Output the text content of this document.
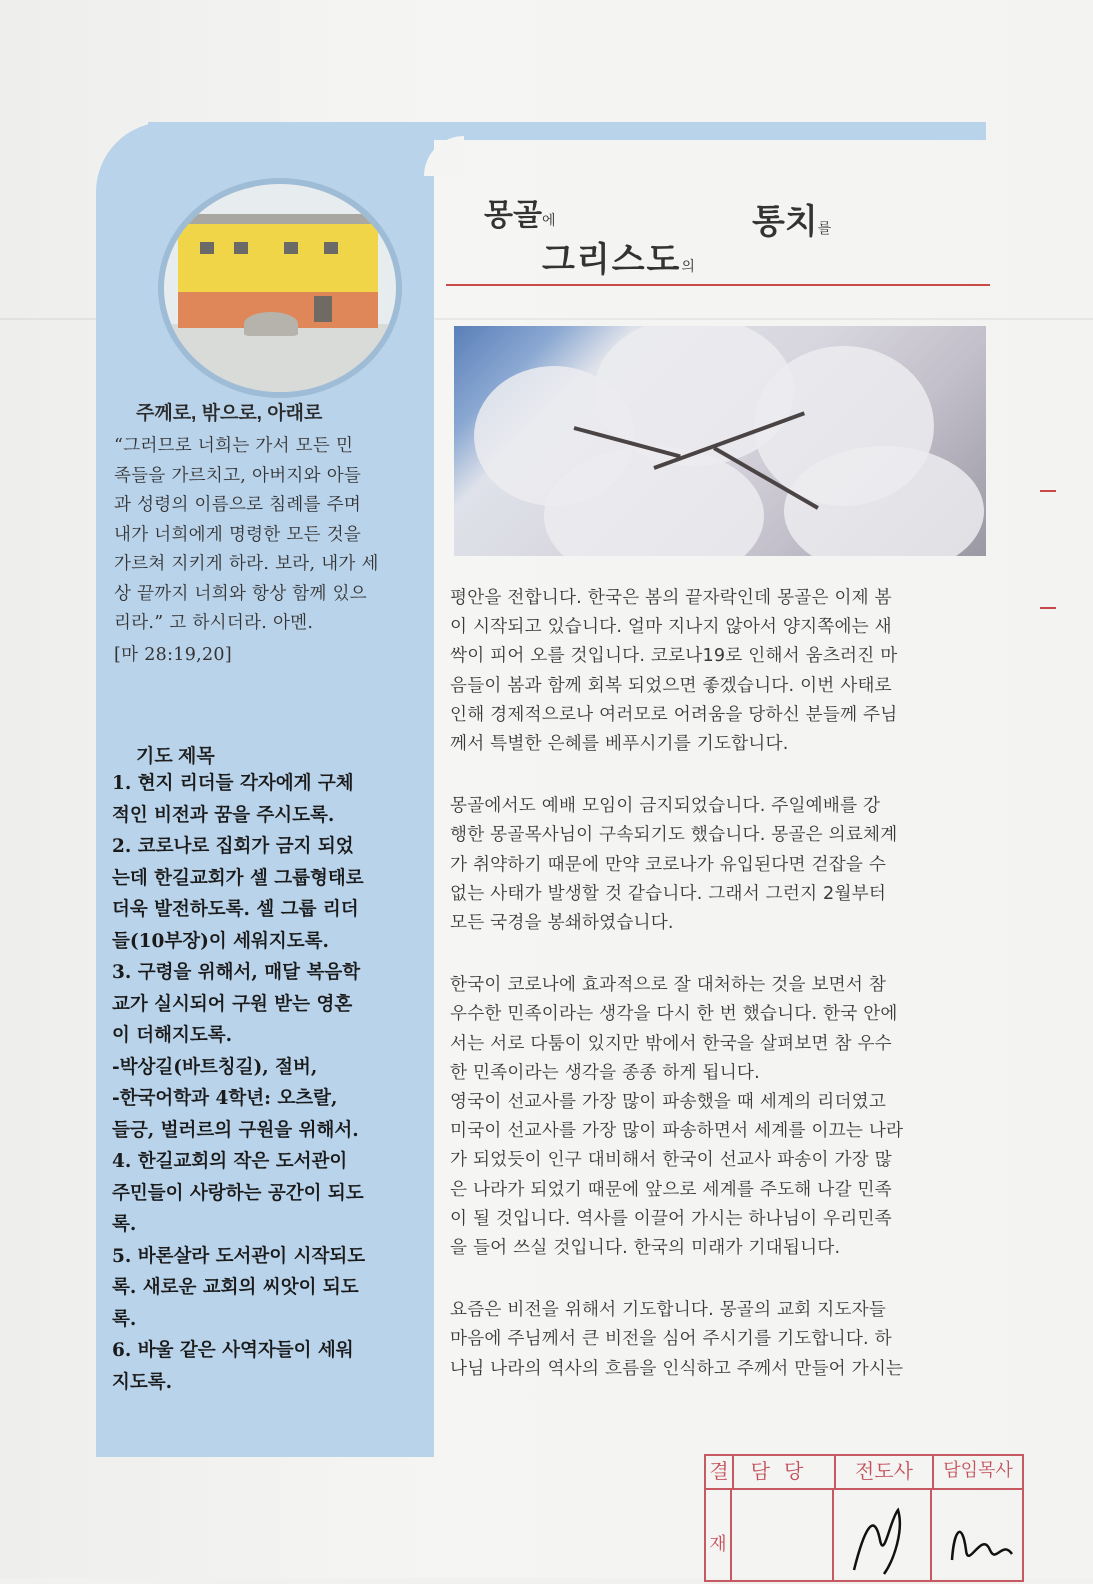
주께로, 밖으로, 아래로

“그러므로 너희는 가서 모든 민

족들을 가르치고, 아버지와 아들

과 성령의 이름으로 침례를 주며

내가 너희에게 명령한 모든 것을

가르쳐 지키게 하라. 보라, 내가 세

상 끝까지 너희와 항상 함께 있으

리라.” 고 하시더라. 아멘.

[마 28:19,20]

기도 제목
1. 현지 리더들 각자에게 구체
적인 비전과 꿈을 주시도록.
2. 코로나로 집회가 금지 되었
는데 한길교회가 셀 그룹형태로
더욱 발전하도록. 셀 그룹 리더
들(10부장)이 세워지도록.
3. 구령을 위해서, 매달 복음학
교가 실시되어 구원 받는 영혼
이 더해지도록.
-박상길(바트칭길), 절버,
-한국어학과 4학년: 오츠랄,
들긍, 벌러르의 구원을 위해서.
4. 한길교회의 작은 도서관이
주민들이 사랑하는 공간이 되도
록.
5. 바론살라 도서관이 시작되도
록. 새로운 교회의 씨앗이 되도
록.
6. 바울 같은 사역자들이 세워
지도록.
몽골에
그리스도의
통치를

평안을 전합니다. 한국은 봄의 끝자락인데 몽골은 이제 봄

이 시작되고 있습니다. 얼마 지나지 않아서 양지쪽에는 새

싹이 피어 오를 것입니다. 코로나19로 인해서 움츠러진 마

음들이 봄과 함께 회복 되었으면 좋겠습니다. 이번 사태로

인해 경제적으로나 여러모로 어려움을 당하신 분들께 주님

께서 특별한 은혜를 베푸시기를 기도합니다.

몽골에서도 예배 모임이 금지되었습니다. 주일예배를 강

행한 몽골목사님이 구속되기도 했습니다. 몽골은 의료체계

가 취약하기 때문에 만약 코로나가 유입된다면 걷잡을 수

없는 사태가 발생할 것 같습니다. 그래서 그런지 2월부터

모든 국경을 봉쇄하였습니다.

한국이 코로나에 효과적으로 잘 대처하는 것을 보면서 참

우수한 민족이라는 생각을 다시 한 번 했습니다. 한국 안에

서는 서로 다툼이 있지만 밖에서 한국을 살펴보면 참 우수

한 민족이라는 생각을 종종 하게 됩니다.

영국이 선교사를 가장 많이 파송했을 때 세계의 리더였고

미국이 선교사를 가장 많이 파송하면서 세계를 이끄는 나라

가 되었듯이 인구 대비해서 한국이 선교사 파송이 가장 많

은 나라가 되었기 때문에 앞으로 세계를 주도해 나갈 민족

이 될 것입니다. 역사를 이끌어 가시는 하나님이 우리민족

을 들어 쓰실 것입니다. 한국의 미래가 기대됩니다.

요즘은 비전을 위해서 기도합니다. 몽골의 교회 지도자들

마음에 주님께서 큰 비전을 심어 주시기를 기도합니다. 하

나님 나라의 역사의 흐름을 인식하고 주께서 만들어 가시는

결	담당	전도사	담임목사
재
